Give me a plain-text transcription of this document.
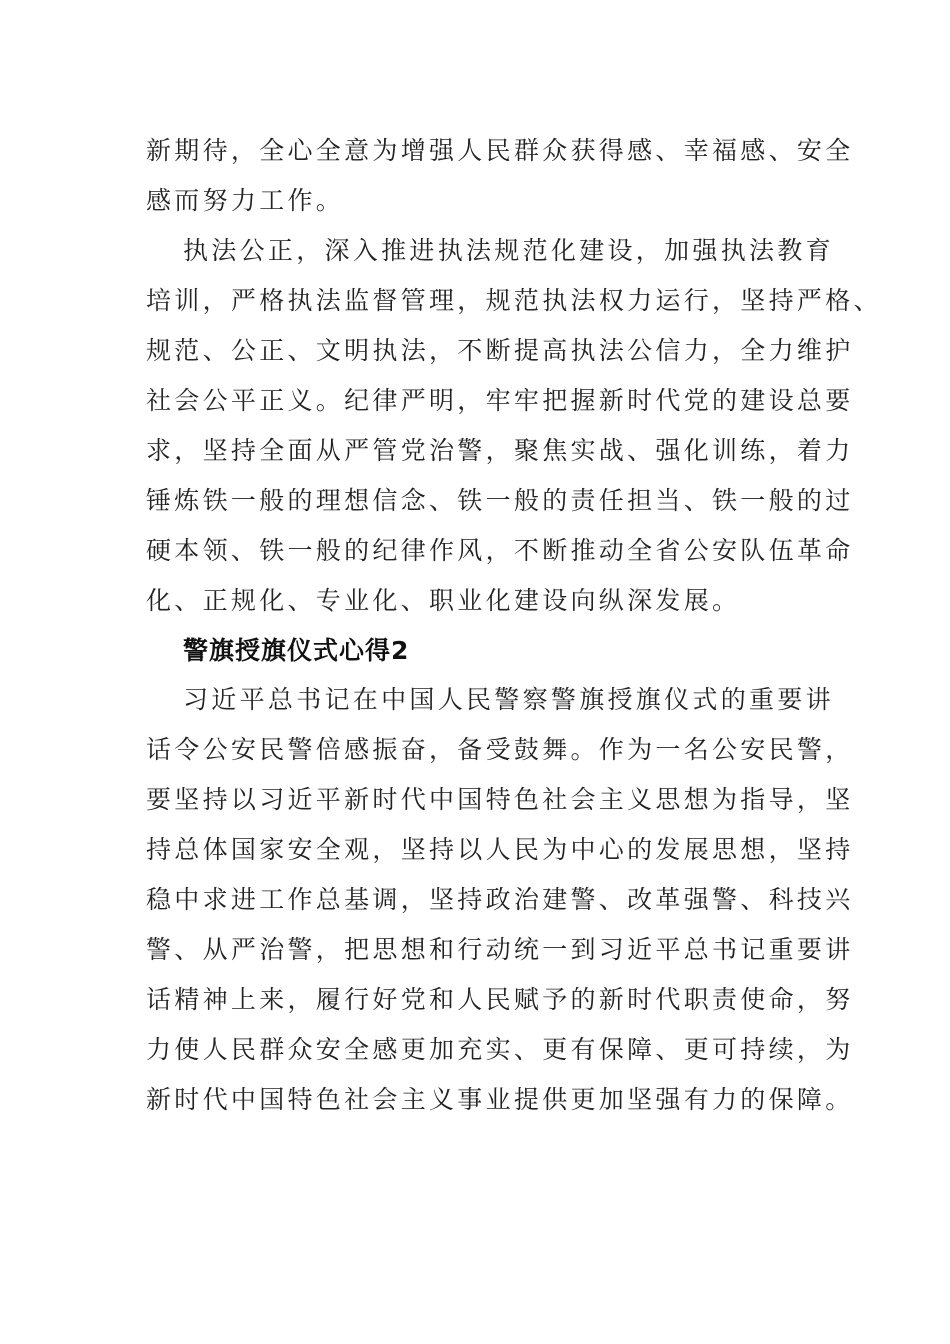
新期待，全心全意为增强人民群众获得感、幸福感、安全
感而努力工作。
执法公正，深入推进执法规范化建设，加强执法教育
培训，严格执法监督管理，规范执法权力运行，坚持严格、
规范、公正、文明执法，不断提高执法公信力，全力维护
社会公平正义。纪律严明，牢牢把握新时代党的建设总要
求，坚持全面从严管党治警，聚焦实战、强化训练，着力
锤炼铁一般的理想信念、铁一般的责任担当、铁一般的过
硬本领、铁一般的纪律作风，不断推动全省公安队伍革命
化、正规化、专业化、职业化建设向纵深发展。
警旗授旗仪式心得2
习近平总书记在中国人民警察警旗授旗仪式的重要讲
话令公安民警倍感振奋，备受鼓舞。作为一名公安民警，
要坚持以习近平新时代中国特色社会主义思想为指导，坚
持总体国家安全观，坚持以人民为中心的发展思想，坚持
稳中求进工作总基调，坚持政治建警、改革强警、科技兴
警、从严治警，把思想和行动统一到习近平总书记重要讲
话精神上来，履行好党和人民赋予的新时代职责使命，努
力使人民群众安全感更加充实、更有保障、更可持续，为
新时代中国特色社会主义事业提供更加坚强有力的保障。
